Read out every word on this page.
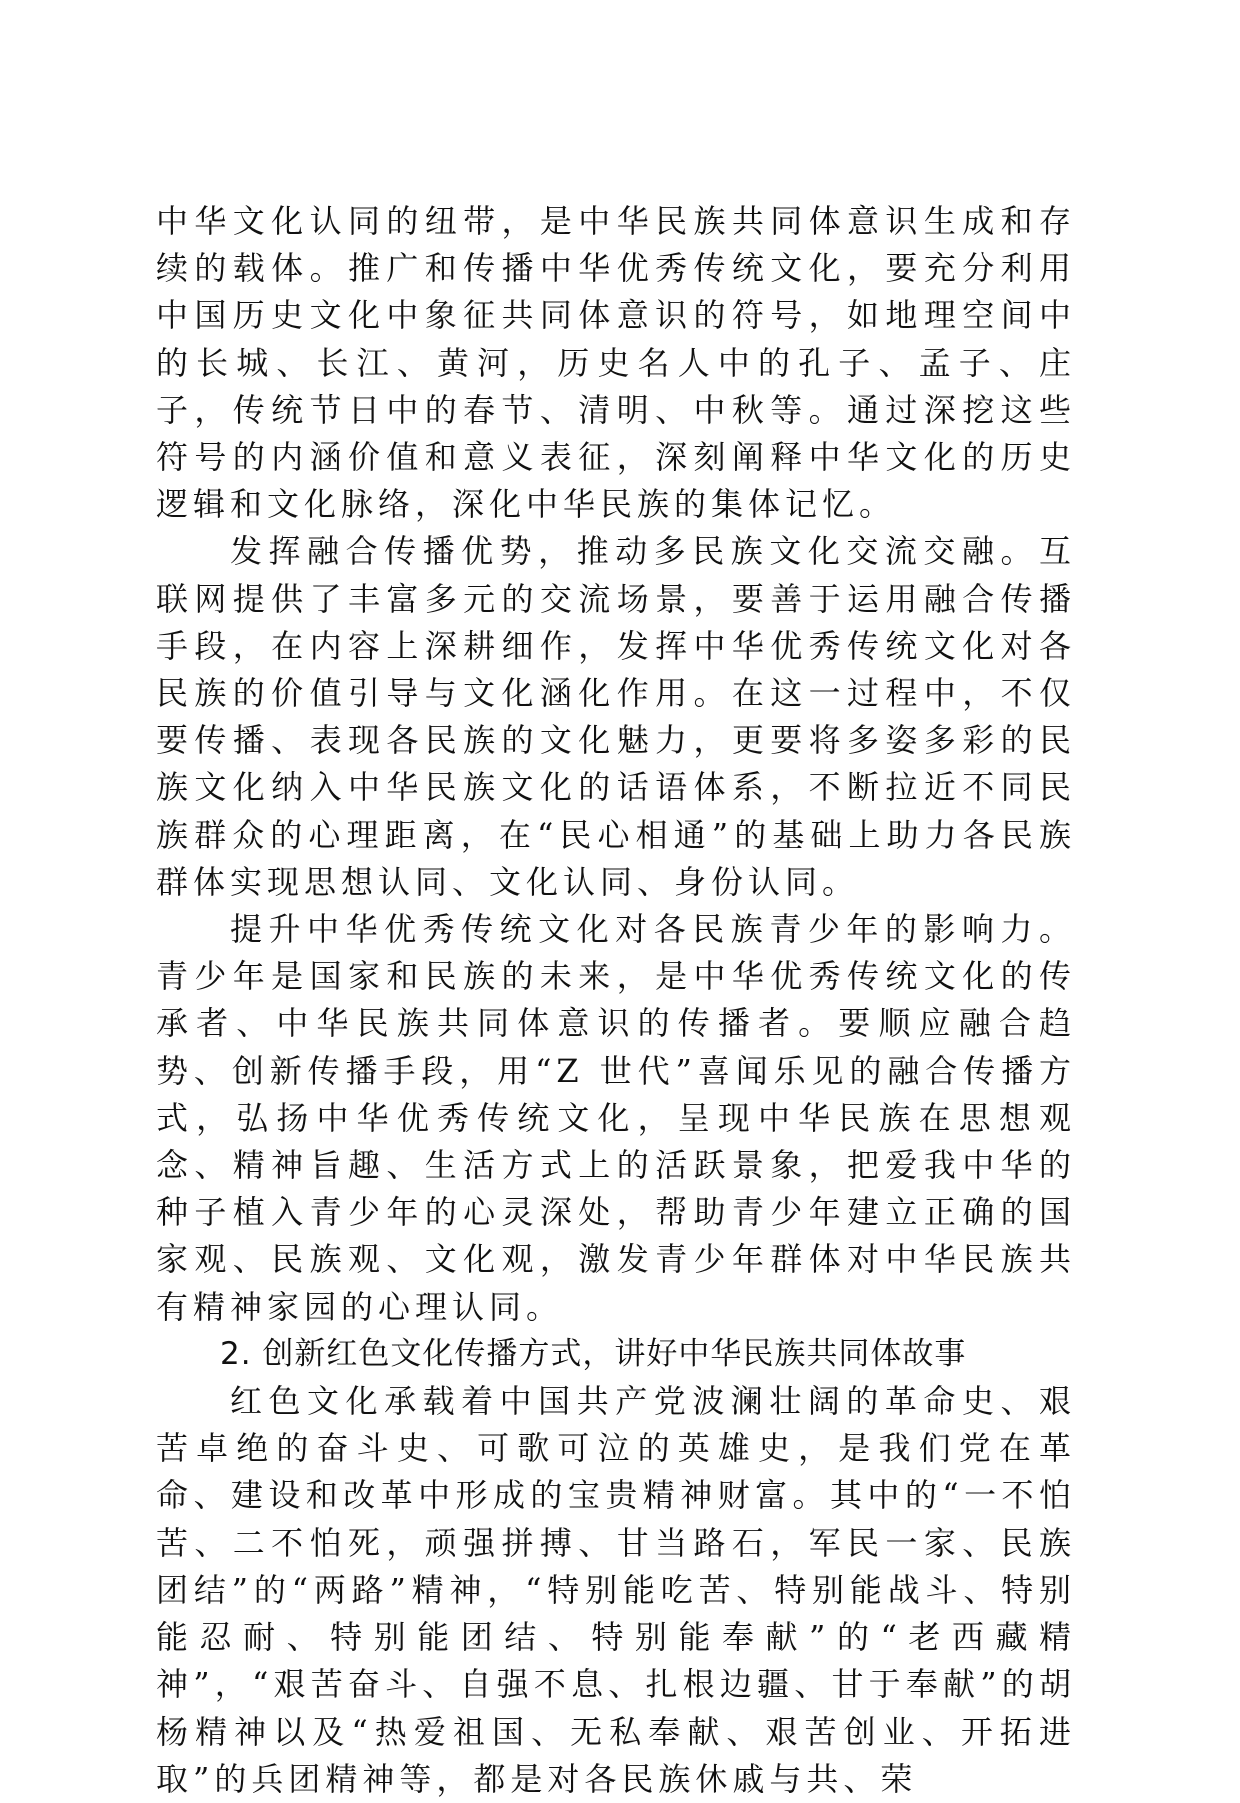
中华文化认同的纽带，是中华民族共同体意识生成和存续的载体。推广和传播中华优秀传统文化，要充分利用中国历史文化中象征共同体意识的符号，如地理空间中的长城、长江、黄河，历史名人中的孔子、孟子、庄子，传统节日中的春节、清明、中秋等。通过深挖这些符号的内涵价值和意义表征，深刻阐释中华文化的历史逻辑和文化脉络，深化中华民族的集体记忆。

发挥融合传播优势，推动多民族文化交流交融。互联网提供了丰富多元的交流场景，要善于运用融合传播手段，在内容上深耕细作，发挥中华优秀传统文化对各民族的价值引导与文化涵化作用。在这一过程中，不仅要传播、表现各民族的文化魅力，更要将多姿多彩的民族文化纳入中华民族文化的话语体系，不断拉近不同民族群众的心理距离，在“民心相通”的基础上助力各民族群体实现思想认同、文化认同、身份认同。

提升中华优秀传统文化对各民族青少年的影响力。青少年是国家和民族的未来，是中华优秀传统文化的传承者、中华民族共同体意识的传播者。要顺应融合趋势、创新传播手段，用“Z 世代”喜闻乐见的融合传播方式，弘扬中华优秀传统文化，呈现中华民族在思想观念、精神旨趣、生活方式上的活跃景象，把爱我中华的种子植入青少年的心灵深处，帮助青少年建立正确的国家观、民族观、文化观，激发青少年群体对中华民族共有精神家园的心理认同。

2. 创新红色文化传播方式，讲好中华民族共同体故事

红色文化承载着中国共产党波澜壮阔的革命史、艰苦卓绝的奋斗史、可歌可泣的英雄史，是我们党在革命、建设和改革中形成的宝贵精神财富。其中的“一不怕苦、二不怕死，顽强拼搏、甘当路石，军民一家、民族团结”的“两路”精神，“特别能吃苦、特别能战斗、特别能忍耐、特别能团结、特别能奉献”的“老西藏精神”，“艰苦奋斗、自强不息、扎根边疆、甘于奉献”的胡杨精神以及“热爱祖国、无私奉献、艰苦创业、开拓进取”的兵团精神等，都是对各民族休戚与共、荣
